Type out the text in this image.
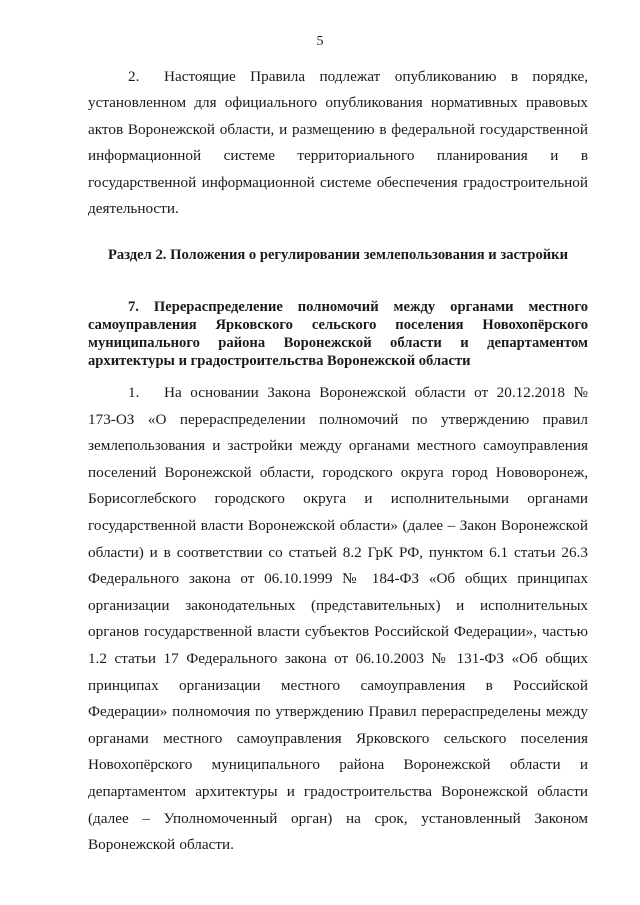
5

2. Настоящие Правила подлежат опубликованию в порядке, установленном для официального опубликования нормативных правовых актов Воронежской области, и размещению в федеральной государственной информационной системе территориального планирования и в государственной информационной системе обеспечения градостроительной деятельности.

Раздел 2. Положения о регулировании землепользования и застройки
7. Перераспределение полномочий между органами местного самоуправления Ярковского сельского поселения Новохопёрского муниципального района Воронежской области и департаментом архитектуры и градостроительства Воронежской области

1. На основании Закона Воронежской области от 20.12.2018 № 173-ОЗ «О перераспределении полномочий по утверждению правил землепользования и застройки между органами местного самоуправления поселений Воронежской области, городского округа город Нововоронеж, Борисоглебского городского округа и исполнительными органами государственной власти Воронежской области» (далее – Закон Воронежской области) и в соответствии со статьей 8.2 ГрК РФ, пунктом 6.1 статьи 26.3 Федерального закона от 06.10.1999 № 184-ФЗ «Об общих принципах организации законодательных (представительных) и исполнительных органов государственной власти субъектов Российской Федерации», частью 1.2 статьи 17 Федерального закона от 06.10.2003 № 131-ФЗ «Об общих принципах организации местного самоуправления в Российской Федерации» полномочия по утверждению Правил перераспределены между органами местного самоуправления Ярковского сельского поселения Новохопёрского муниципального района Воронежской области и департаментом архитектуры и градостроительства Воронежской области (далее – Уполномоченный орган) на срок, установленный Законом Воронежской области.
